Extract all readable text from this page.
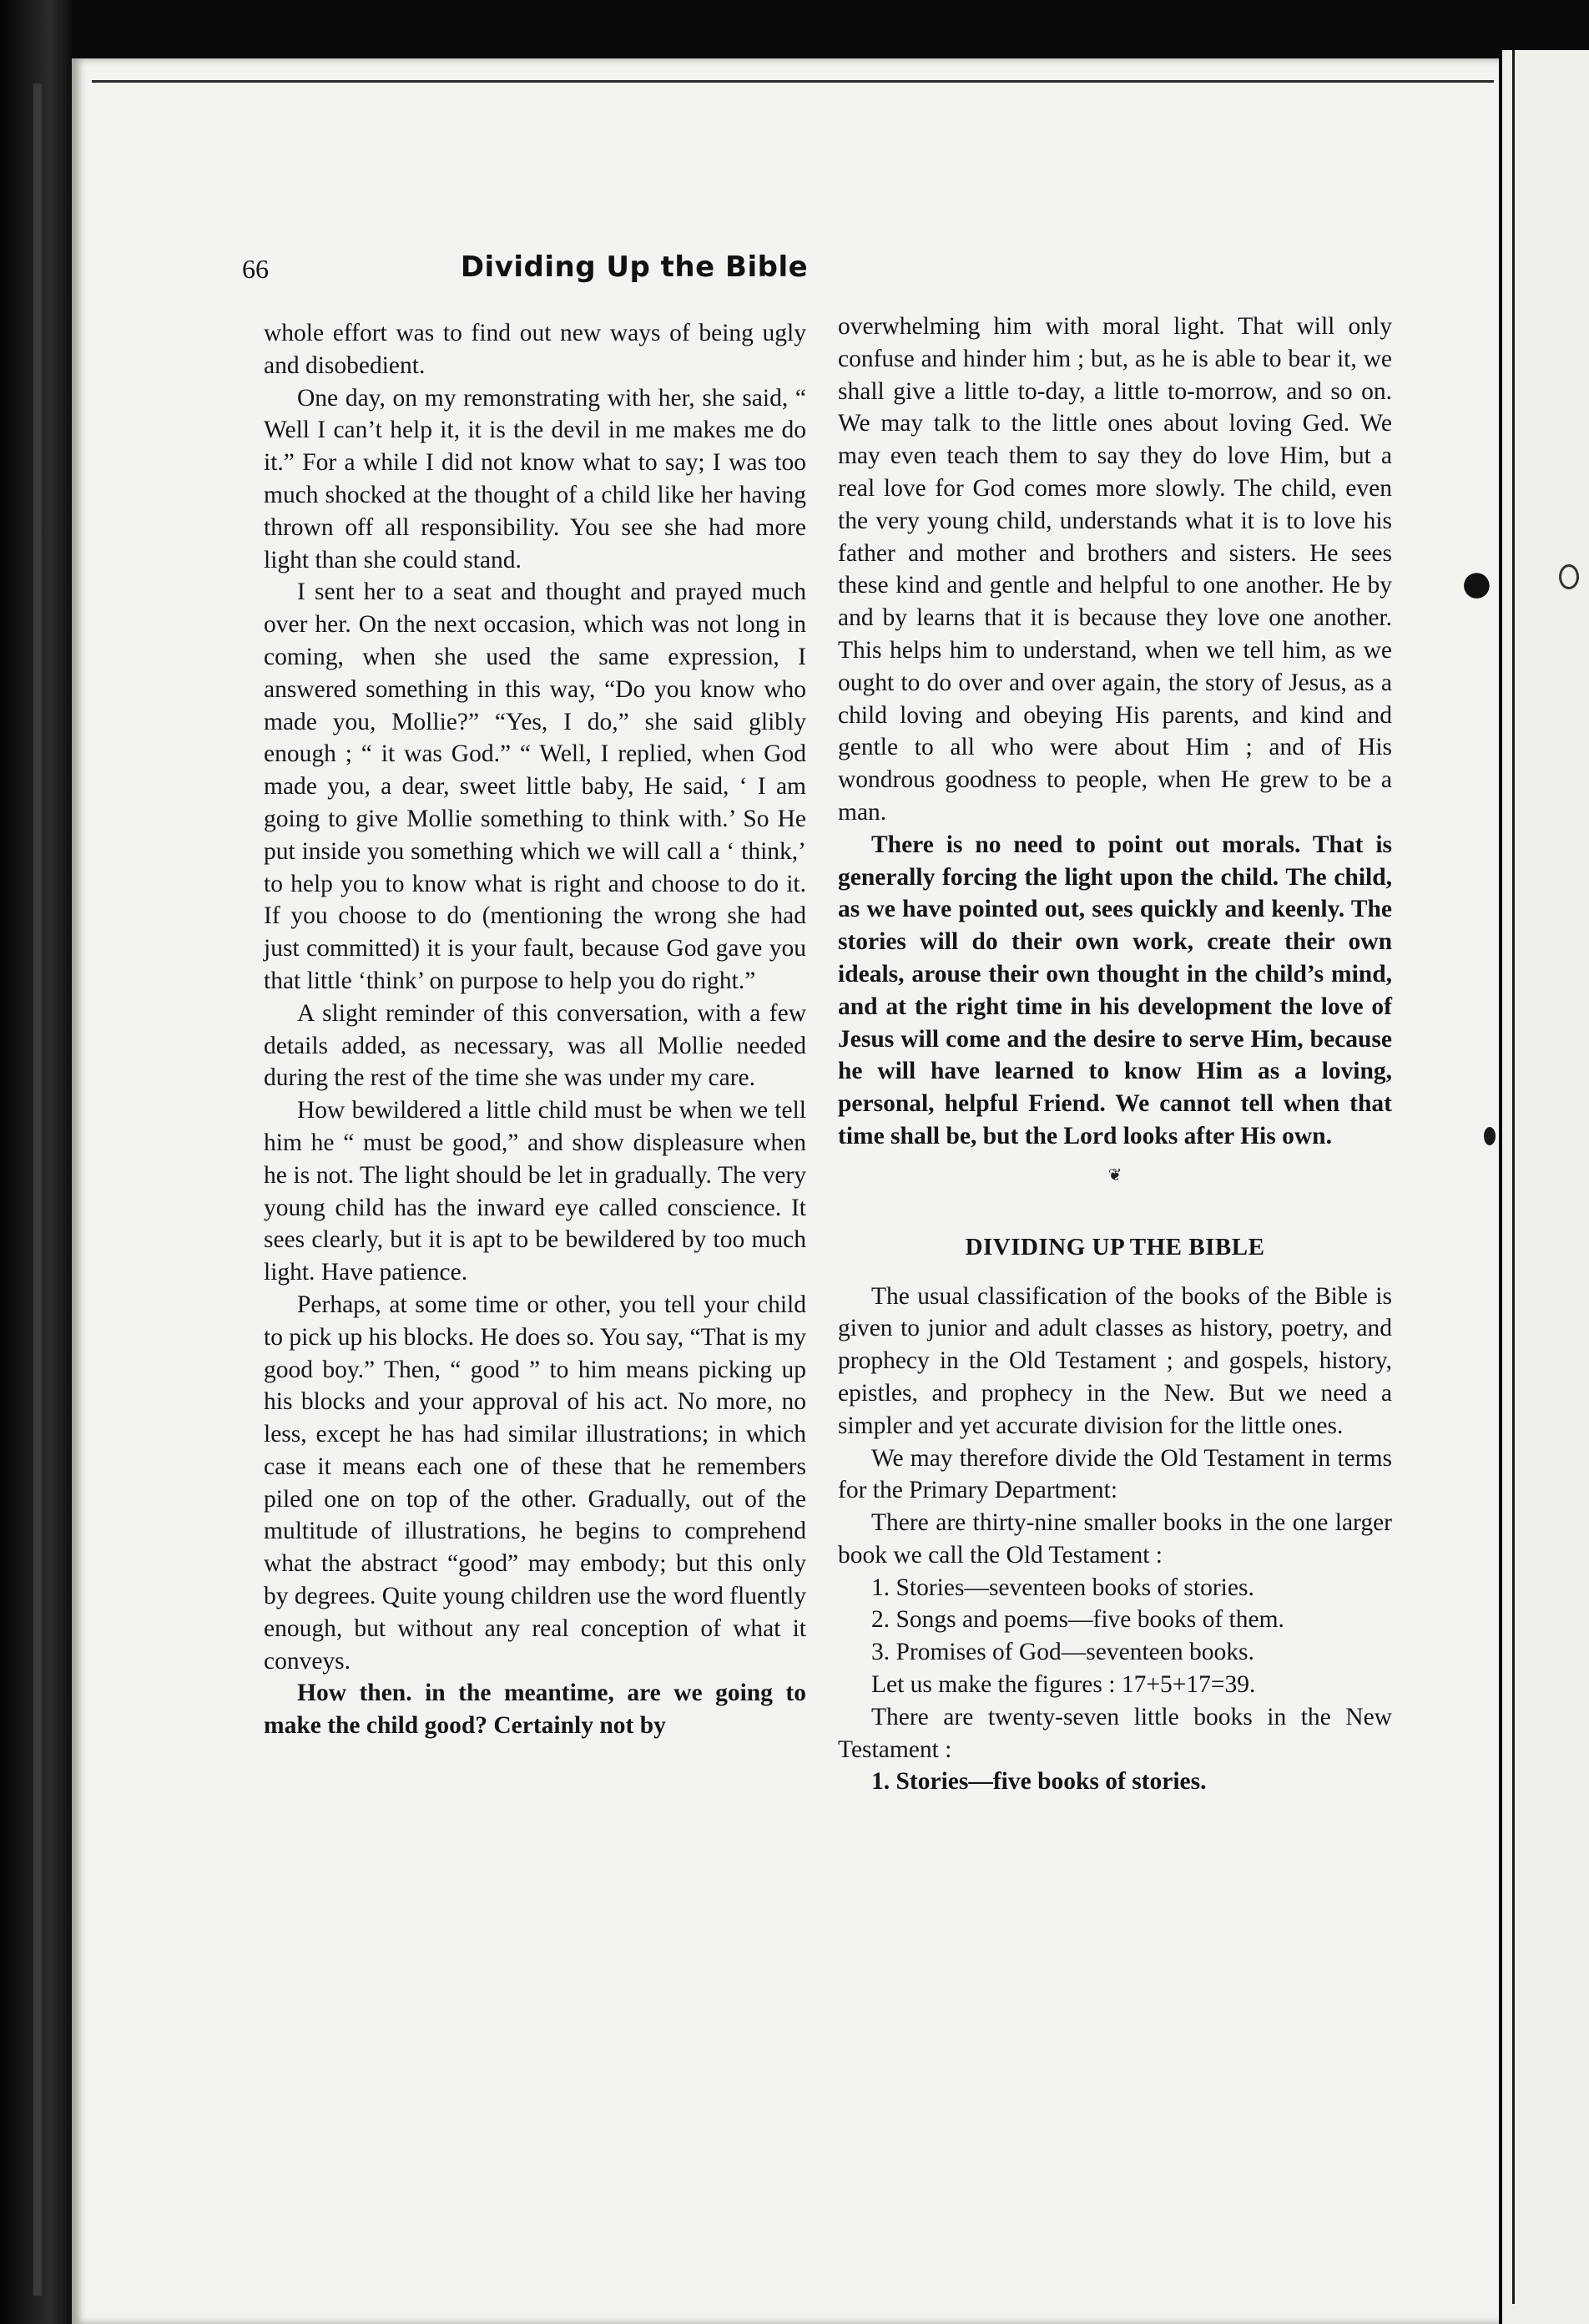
66	Dividing Up the Bible

whole effort was to find out new ways of being ugly and disobedient.

One day, on my remonstrating with her, she said, “ Well I can’t help it, it is the devil in me makes me do it.” For a while I did not know what to say; I was too much shocked at the thought of a child like her having thrown off all responsibility. You see she had more light than she could stand.

I sent her to a seat and thought and prayed much over her. On the next occasion, which was not long in coming, when she used the same expression, I answered something in this way, “Do you know who made you, Mollie?” “Yes, I do,” she said glibly enough ; “ it was God.” “ Well, I replied, when God made you, a dear, sweet little baby, He said, ‘ I am going to give Mollie something to think with.’ So He put inside you something which we will call a ‘ think,’ to help you to know what is right and choose to do it. If you choose to do (mentioning the wrong she had just committed) it is your fault, because God gave you that little ‘think’ on purpose to help you do right.”

A slight reminder of this conversation, with a few details added, as necessary, was all Mollie needed during the rest of the time she was under my care.

How bewildered a little child must be when we tell him he “ must be good,” and show displeasure when he is not. The light should be let in gradually. The very young child has the inward eye called conscience. It sees clearly, but it is apt to be bewildered by too much light. Have patience.

Perhaps, at some time or other, you tell your child to pick up his blocks. He does so. You say, “That is my good boy.” Then, “ good ” to him means picking up his blocks and your approval of his act. No more, no less, except he has had similar illustrations; in which case it means each one of these that he remembers piled one on top of the other. Gradually, out of the multitude of illustrations, he begins to comprehend what the abstract “good” may embody; but this only by degrees. Quite young children use the word fluently enough, but without any real conception of what it conveys.

How then. in the meantime, are we going to make the child good? Certainly not by

overwhelming him with moral light. That will only confuse and hinder him ; but, as he is able to bear it, we shall give a little to-day, a little to-morrow, and so on. We may talk to the little ones about loving Ged. We may even teach them to say they do love Him, but a real love for God comes more slowly. The child, even the very young child, understands what it is to love his father and mother and brothers and sisters. He sees these kind and gentle and helpful to one another. He by and by learns that it is because they love one another. This helps him to understand, when we tell him, as we ought to do over and over again, the story of Jesus, as a child loving and obeying His parents, and kind and gentle to all who were about Him ; and of His wondrous goodness to people, when He grew to be a man.

There is no need to point out morals. That is generally forcing the light upon the child. The child, as we have pointed out, sees quickly and keenly. The stories will do their own work, create their own ideals, arouse their own thought in the child’s mind, and at the right time in his development the love of Jesus will come and the desire to serve Him, because he will have learned to know Him as a loving, personal, helpful Friend. We cannot tell when that time shall be, but the Lord looks after His own.

❦
DIVIDING UP THE BIBLE

The usual classification of the books of the Bible is given to junior and adult classes as history, poetry, and prophecy in the Old Testament ; and gospels, history, epistles, and prophecy in the New. But we need a simpler and yet accurate division for the little ones.

We may therefore divide the Old Testament in terms for the Primary Department:

There are thirty-nine smaller books in the one larger book we call the Old Testament :

1. Stories—seventeen books of stories.

2. Songs and poems—five books of them.

3. Promises of God—seventeen books.

Let us make the figures : 17+5+17=39.

There are twenty-seven little books in the New Testament :

1. Stories—five books of stories.

●
